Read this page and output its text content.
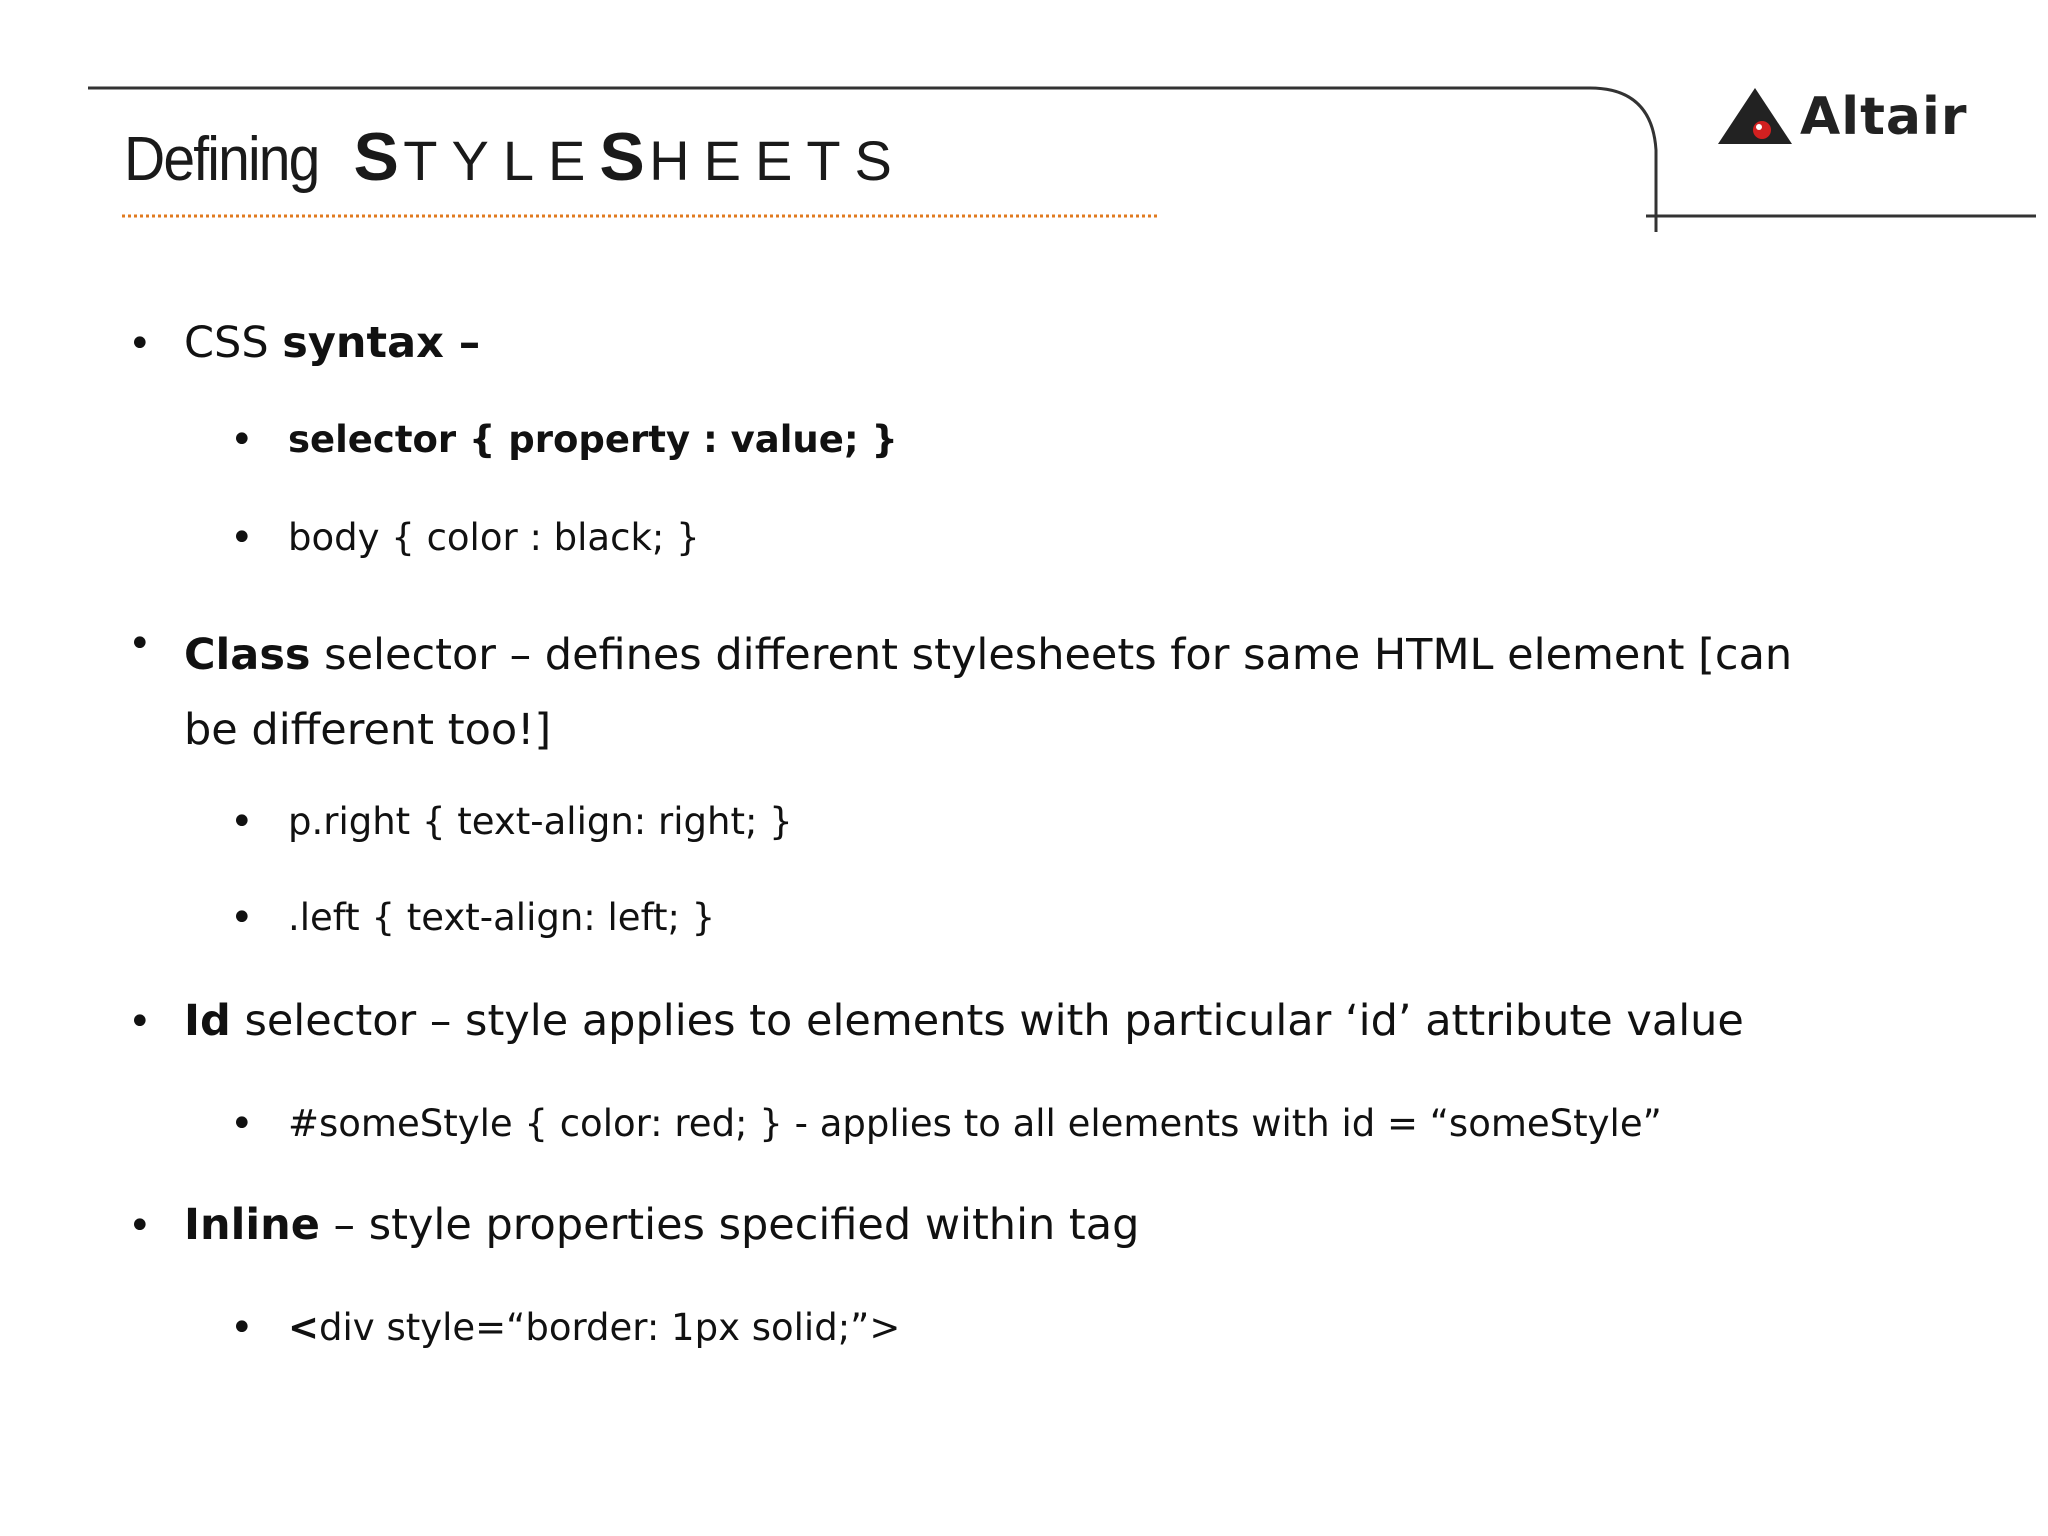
Defining S TYLES HEETS
Altair
• CSS syntax –
• selector { property : value; }
• body { color : black; }
• Class selector – defines different stylesheets for same HTML element [can be different too!]
• p.right { text-align: right; }
• .left { text-align: left; }
• Id selector – style applies to elements with particular ‘id’ attribute value
• #someStyle { color: red; } - applies to all elements with id = “someStyle”
• Inline – style properties specified within tag
• <div style=“border: 1px solid;”>
